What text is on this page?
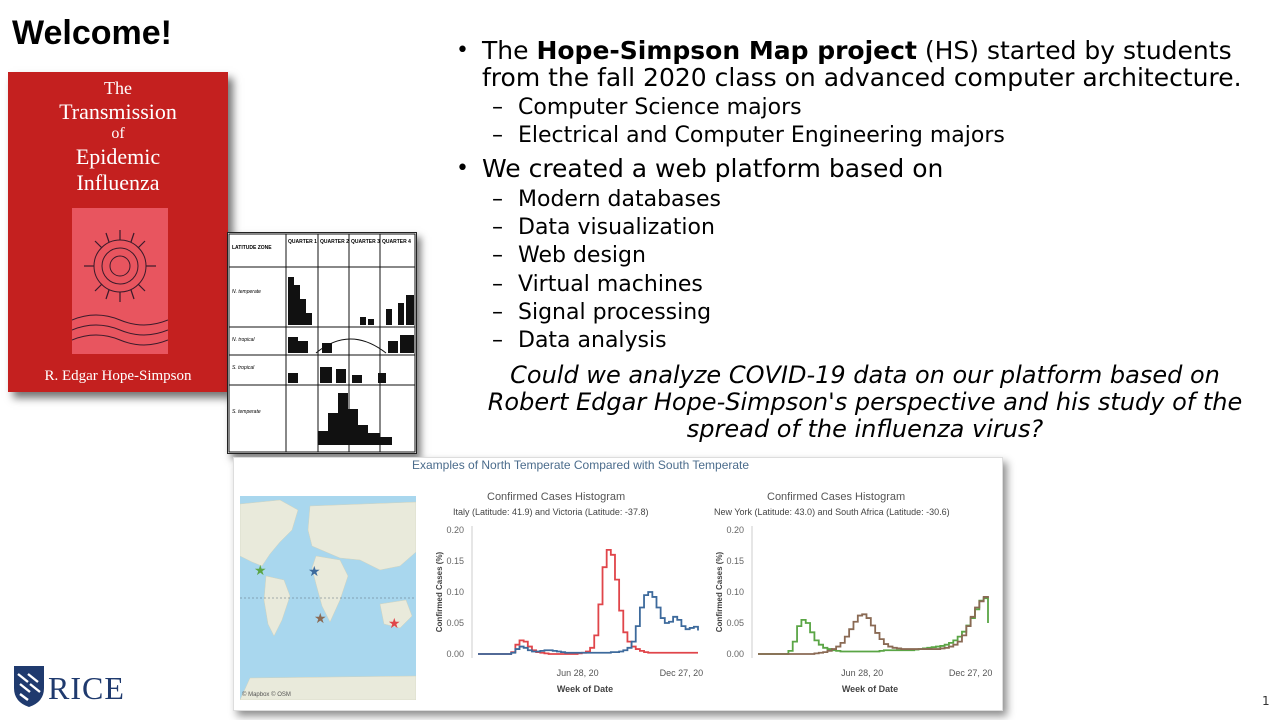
Welcome!
The
Transmission
of
Epidemic
Influenza
R. Edgar Hope-Simpson
LATITUDE ZONE
QUARTER 1 QUARTER 2 QUARTER 3 QUARTER 4
N. temperate
N. tropical
S. tropical
S. temperate
• The Hope-Simpson Map project (HS) started by students
from the fall 2020 class on advanced computer architecture.
– Computer Science majors
– Electrical and Computer Engineering majors
• We created a web platform based on
– Modern databases
– Data visualization
– Web design
– Virtual machines
– Signal processing
– Data analysis
Could we analyze COVID-19 data on our platform based on
Robert Edgar Hope-Simpson's perspective and his study of the
spread of the influenza virus?
Examples of North Temperate Compared with South Temperate
★	★
★	★
© Mapbox © OSM
Confirmed Cases Histogram
Italy (Latitude: 41.9) and Victoria (Latitude: -37.8)
0.20
0.15
0.10
0.05
0.00
Confirmed Cases (%)
Jun 28, 20	Dec 27, 20
Week of Date
Confirmed Cases Histogram
New York (Latitude: 43.0) and South Africa (Latitude: -30.6)
0.20
0.15
0.10
0.05
0.00
Confirmed Cases (%)
Jun 28, 20	Dec 27, 20
Week of Date
RICE	1
